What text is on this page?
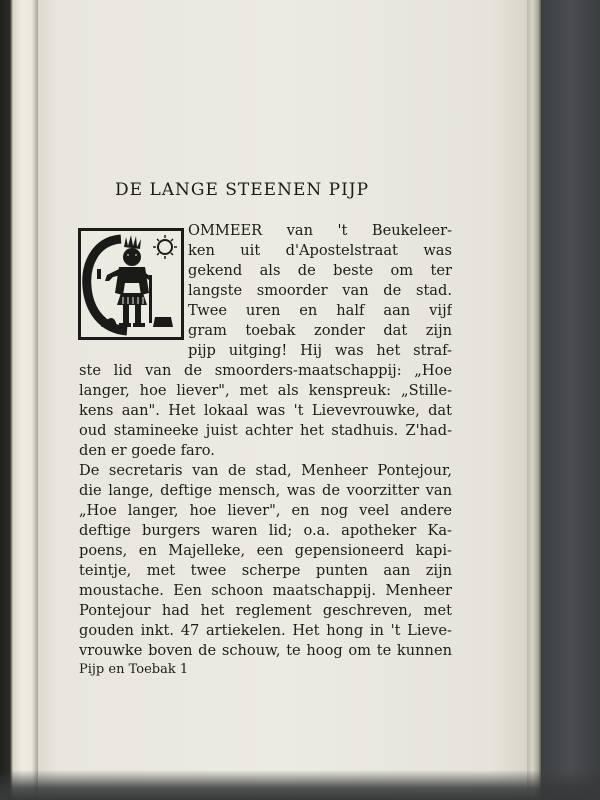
DE LANGE STEENEN PIJP
OMMEER van 't Beukeleer-
ken uit d'Apostelstraat was
gekend als de beste om ter
langste smoorder van de stad.
Twee uren en half aan vijf
gram toebak zonder dat zijn
pijp uitging! Hij was het straf-
ste lid van de smoorders-maatschappij: „Hoe
langer, hoe liever", met als kenspreuk: „Stille-
kens aan". Het lokaal was 't Lievevrouwke, dat
oud stamineeke juist achter het stadhuis. Z'had-
den er goede faro.
De secretaris van de stad, Menheer Pontejour,
die lange, deftige mensch, was de voorzitter van
„Hoe langer, hoe liever", en nog veel andere
deftige burgers waren lid; o.a. apotheker Ka-
poens, en Majelleke, een gepensioneerd kapi-
teintje, met twee scherpe punten aan zijn
moustache. Een schoon maatschappij. Menheer
Pontejour had het reglement geschreven, met
gouden inkt. 47 artiekelen. Het hong in 't Lieve-
vrouwke boven de schouw, te hoog om te kunnen
Pijp en Toebak 1
